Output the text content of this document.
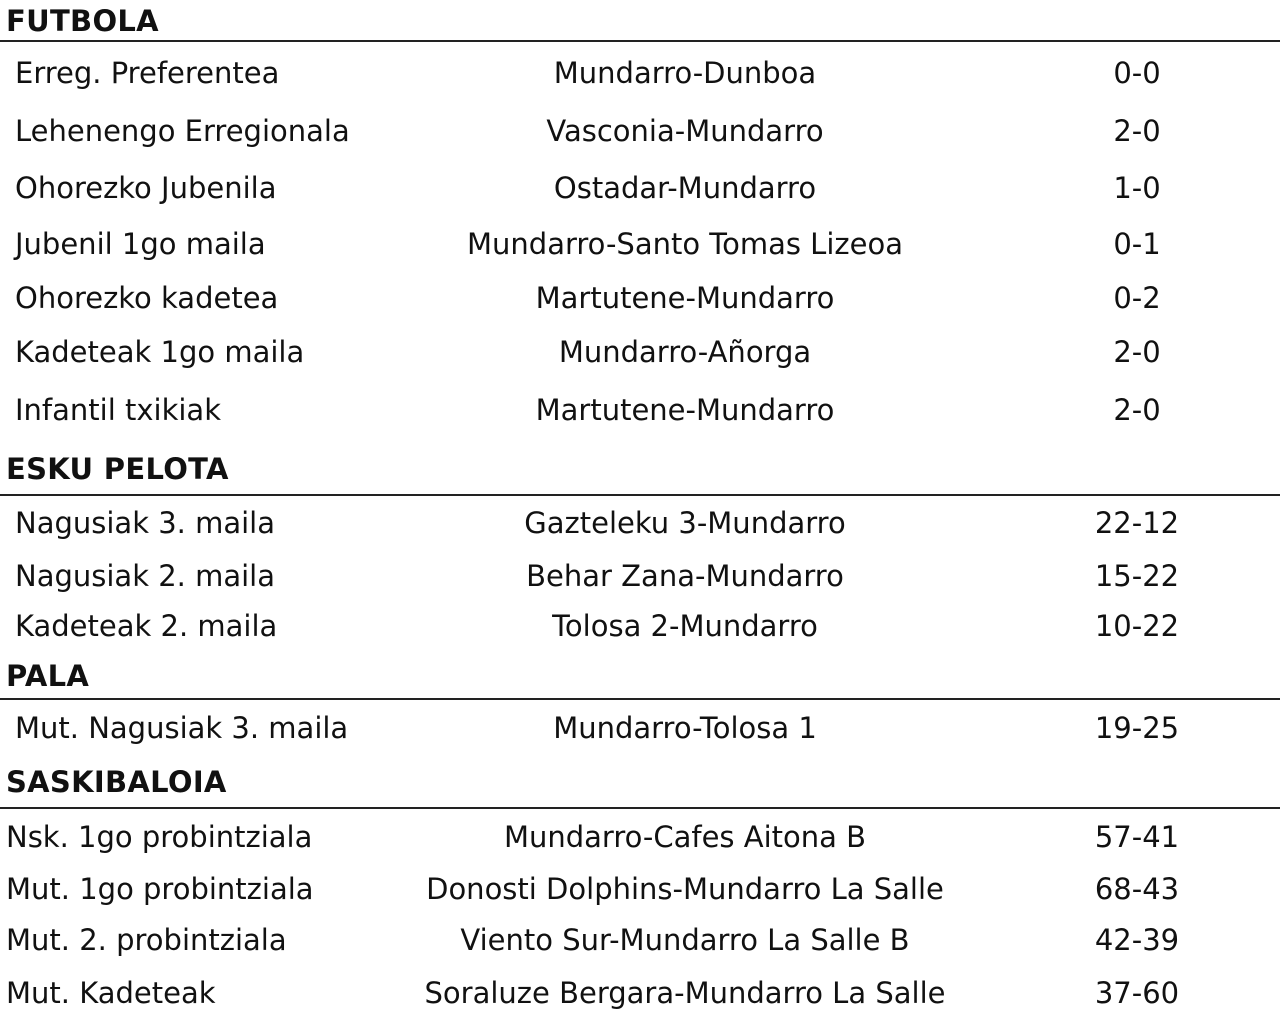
FUTBOLA
Erreg. Preferentea	Mundarro-Dunboa	0-0
Lehenengo Erregionala	Vasconia-Mundarro	2-0
Ohorezko Jubenila	Ostadar-Mundarro	1-0
Jubenil 1go maila	Mundarro-Santo Tomas Lizeoa	0-1
Ohorezko kadetea	Martutene-Mundarro	0-2
Kadeteak 1go maila	Mundarro-Añorga	2-0
Infantil txikiak	Martutene-Mundarro	2-0
ESKU PELOTA
Nagusiak 3. maila	Gazteleku 3-Mundarro	22-12
Nagusiak 2. maila	Behar Zana-Mundarro	15-22
Kadeteak 2. maila	Tolosa 2-Mundarro	10-22
PALA
Mut. Nagusiak 3. maila	Mundarro-Tolosa 1	19-25
SASKIBALOIA
Nsk. 1go probintziala	Mundarro-Cafes Aitona B	57-41
Mut. 1go probintziala	Donosti Dolphins-Mundarro La Salle	68-43
Mut. 2. probintziala	Viento Sur-Mundarro La Salle B	42-39
Mut. Kadeteak	Soraluze Bergara-Mundarro La Salle	37-60
